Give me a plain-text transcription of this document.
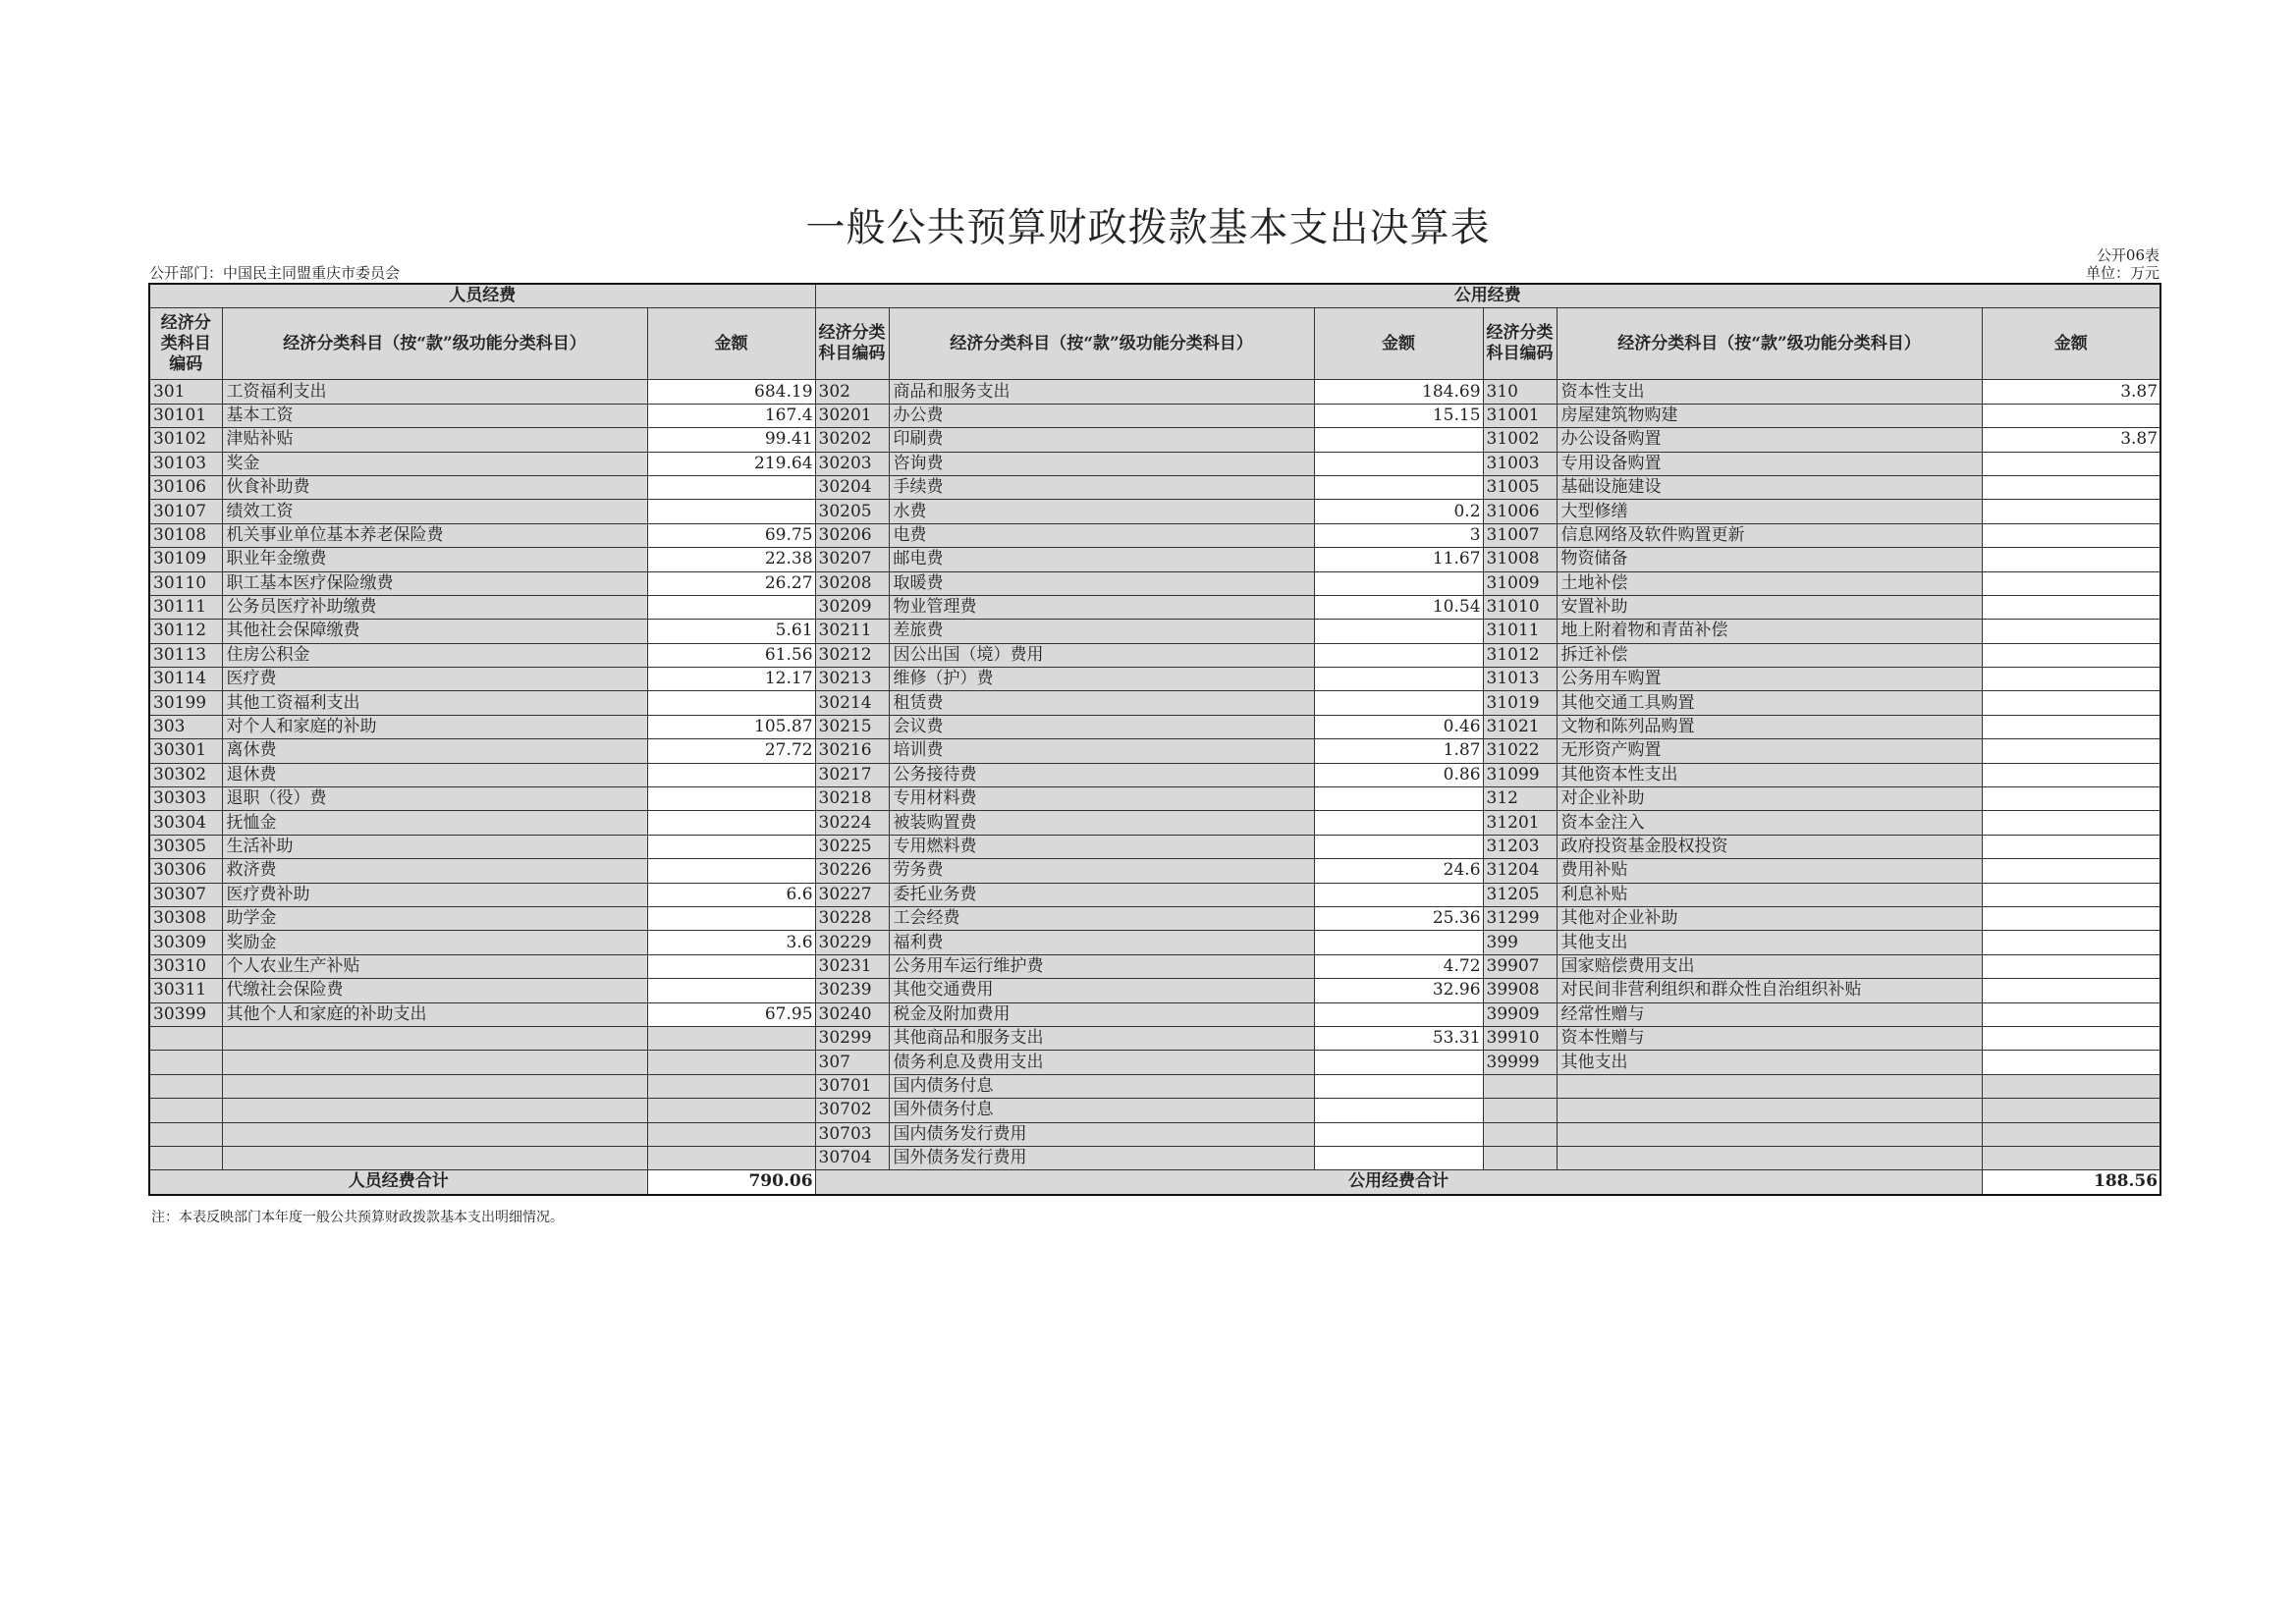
一般公共预算财政拨款基本支出决算表
公开06表
公开部门：中国民主同盟重庆市委员会	单位：万元
人员经费			公用经费					
经济分类科目编码	经济分类科目（按“款”级功能分类科目）	金额	经济分类科目编码	经济分类科目（按“款”级功能分类科目）	金额	经济分类科目编码	经济分类科目（按“款”级功能分类科目）	金额
301	工资福利支出	684.19	302	商品和服务支出	184.69	310	资本性支出	3.87
30101	基本工资	167.4	30201	办公费	15.15	31001	房屋建筑物购建	
30102	津贴补贴	99.41	30202	印刷费		31002	办公设备购置	3.87
30103	奖金	219.64	30203	咨询费		31003	专用设备购置	
30106	伙食补助费		30204	手续费		31005	基础设施建设	
30107	绩效工资		30205	水费	0.2	31006	大型修缮	
30108	机关事业单位基本养老保险费	69.75	30206	电费	3	31007	信息网络及软件购置更新	
30109	职业年金缴费	22.38	30207	邮电费	11.67	31008	物资储备	
30110	职工基本医疗保险缴费	26.27	30208	取暖费		31009	土地补偿	
30111	公务员医疗补助缴费		30209	物业管理费	10.54	31010	安置补助	
30112	其他社会保障缴费	5.61	30211	差旅费		31011	地上附着物和青苗补偿	
30113	住房公积金	61.56	30212	因公出国（境）费用		31012	拆迁补偿	
30114	医疗费	12.17	30213	维修（护）费		31013	公务用车购置	
30199	其他工资福利支出		30214	租赁费		31019	其他交通工具购置	
303	对个人和家庭的补助	105.87	30215	会议费	0.46	31021	文物和陈列品购置	
30301	离休费	27.72	30216	培训费	1.87	31022	无形资产购置	
30302	退休费		30217	公务接待费	0.86	31099	其他资本性支出	
30303	退职（役）费		30218	专用材料费		312	对企业补助	
30304	抚恤金		30224	被装购置费		31201	资本金注入	
30305	生活补助		30225	专用燃料费		31203	政府投资基金股权投资	
30306	救济费		30226	劳务费	24.6	31204	费用补贴	
30307	医疗费补助	6.6	30227	委托业务费		31205	利息补贴	
30308	助学金		30228	工会经费	25.36	31299	其他对企业补助	
30309	奖励金	3.6	30229	福利费		399	其他支出	
30310	个人农业生产补贴		30231	公务用车运行维护费	4.72	39907	国家赔偿费用支出	
30311	代缴社会保险费		30239	其他交通费用	32.96	39908	对民间非营利组织和群众性自治组织补贴	
30399	其他个人和家庭的补助支出	67.95	30240	税金及附加费用		39909	经常性赠与	
			30299	其他商品和服务支出	53.31	39910	资本性赠与	
			307	债务利息及费用支出		39999	其他支出	
			30701	国内债务付息				
			30702	国外债务付息				
			30703	国内债务发行费用				
			30704	国外债务发行费用				
人员经费合计		790.06	公用经费合计					188.56
注：本表反映部门本年度一般公共预算财政拨款基本支出明细情况。
